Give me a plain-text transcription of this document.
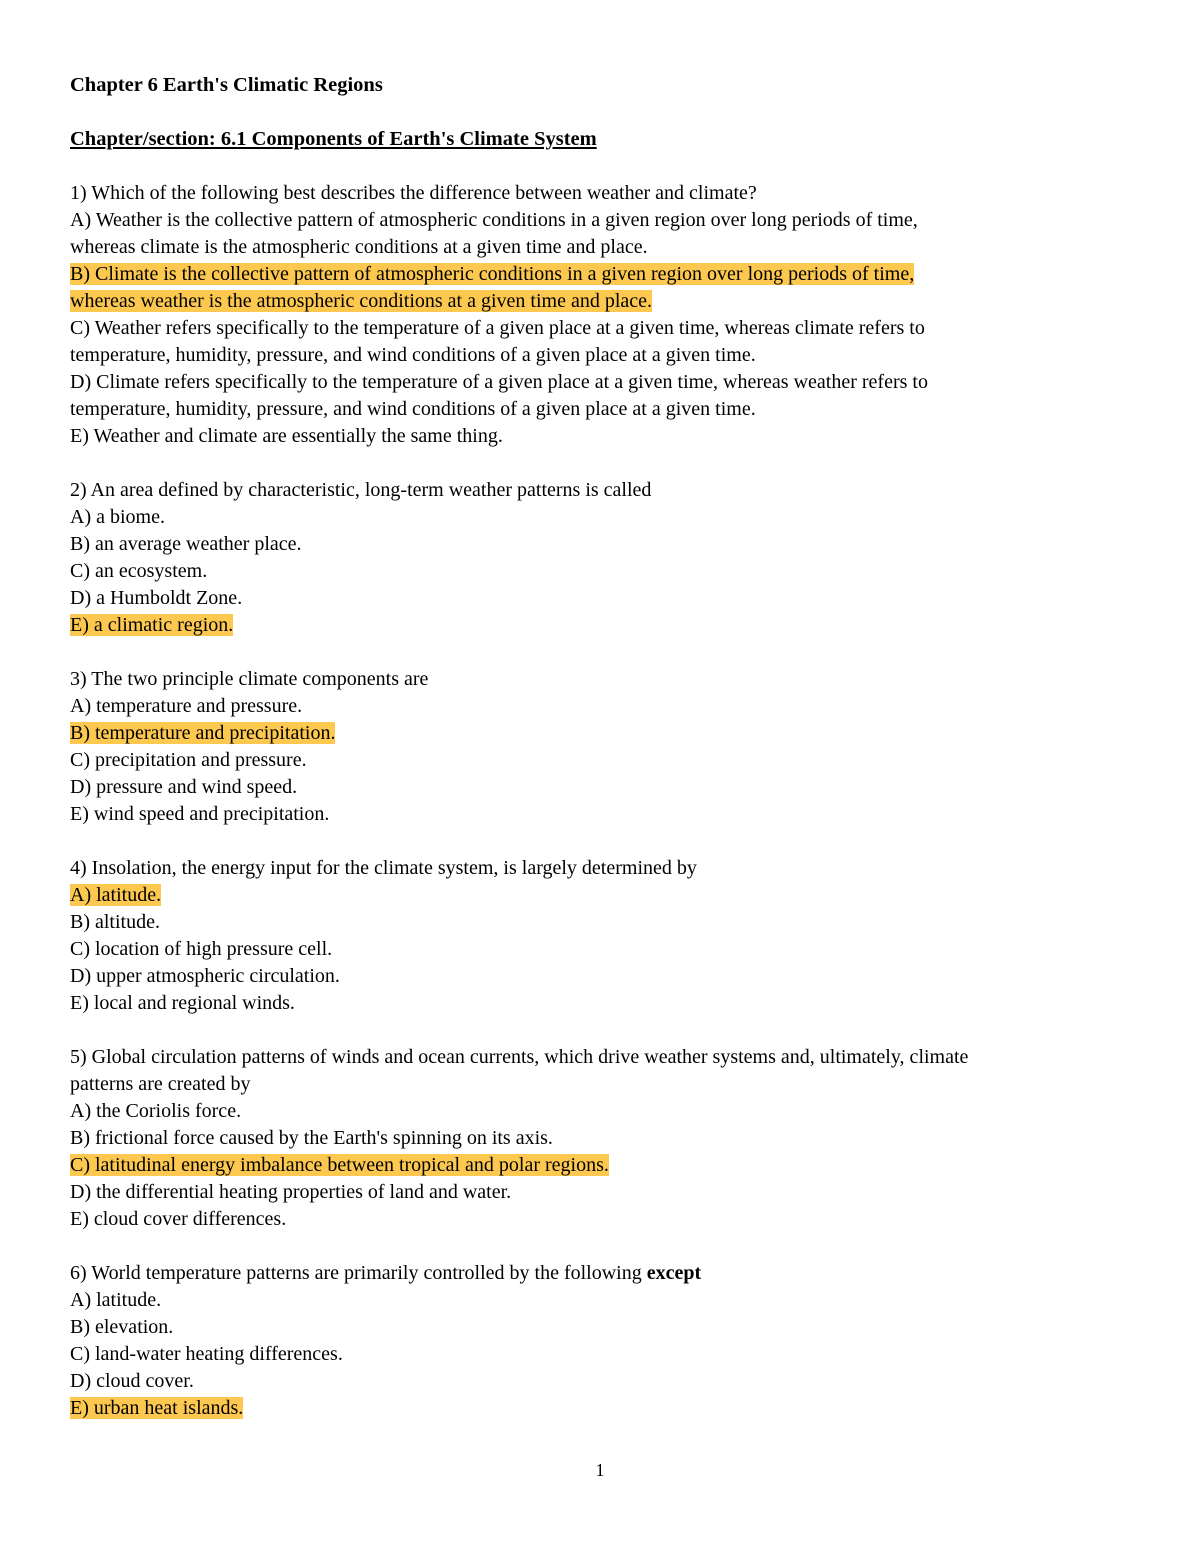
Chapter 6 Earth's Climatic Regions
Chapter/section: 6.1 Components of Earth's Climate System
1) Which of the following best describes the difference between weather and climate?
A) Weather is the collective pattern of atmospheric conditions in a given region over long periods of time,
whereas climate is the atmospheric conditions at a given time and place.
B) Climate is the collective pattern of atmospheric conditions in a given region over long periods of time,
whereas weather is the atmospheric conditions at a given time and place.
C) Weather refers specifically to the temperature of a given place at a given time, whereas climate refers to
temperature, humidity, pressure, and wind conditions of a given place at a given time.
D) Climate refers specifically to the temperature of a given place at a given time, whereas weather refers to
temperature, humidity, pressure, and wind conditions of a given place at a given time.
E) Weather and climate are essentially the same thing.
2) An area defined by characteristic, long-term weather patterns is called
A) a biome.
B) an average weather place.
C) an ecosystem.
D) a Humboldt Zone.
E) a climatic region.
3) The two principle climate components are
A) temperature and pressure.
B) temperature and precipitation.
C) precipitation and pressure.
D) pressure and wind speed.
E) wind speed and precipitation.
4) Insolation, the energy input for the climate system, is largely determined by
A) latitude.
B) altitude.
C) location of high pressure cell.
D) upper atmospheric circulation.
E) local and regional winds.
5) Global circulation patterns of winds and ocean currents, which drive weather systems and, ultimately, climate
patterns are created by
A) the Coriolis force.
B) frictional force caused by the Earth's spinning on its axis.
C) latitudinal energy imbalance between tropical and polar regions.
D) the differential heating properties of land and water.
E) cloud cover differences.
6) World temperature patterns are primarily controlled by the following except
A) latitude.
B) elevation.
C) land-water heating differences.
D) cloud cover.
E) urban heat islands.
1
